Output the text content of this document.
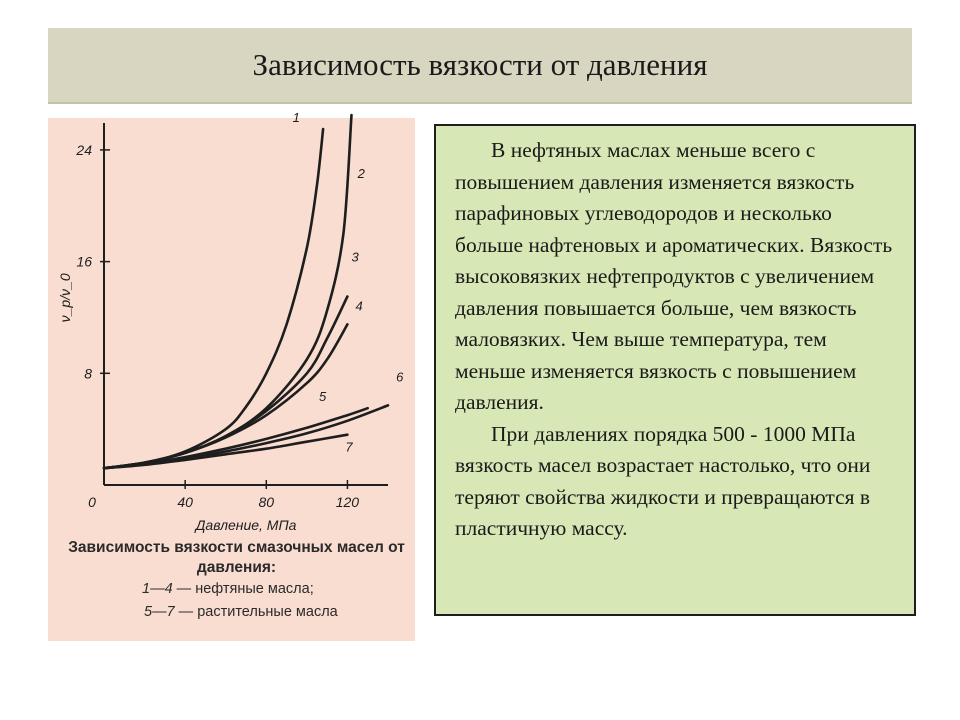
Зависимость вязкости от давления
8
16
24
0	40	80	120
Давление, МПа
ν_p/ν_0
1
2
3
4
5
6
7
Зависимость вязкости смазочных масел от давления:
1—4 — нефтяные масла;
5—7 — растительные масла

В нефтяных маслах меньше всего с повышением давления изменяется вязкость парафиновых углеводородов и несколько больше нафтеновых и ароматических. Вязкость высоковязких нефтепродуктов с увеличением давления повышается больше, чем вязкость маловязких. Чем выше температура, тем меньше изменяется вязкость с повышением давления.

При давлениях порядка 500 - 1000 МПа вязкость масел возрастает настолько, что они теряют свойства жидкости и превращаются в пластичную массу.
